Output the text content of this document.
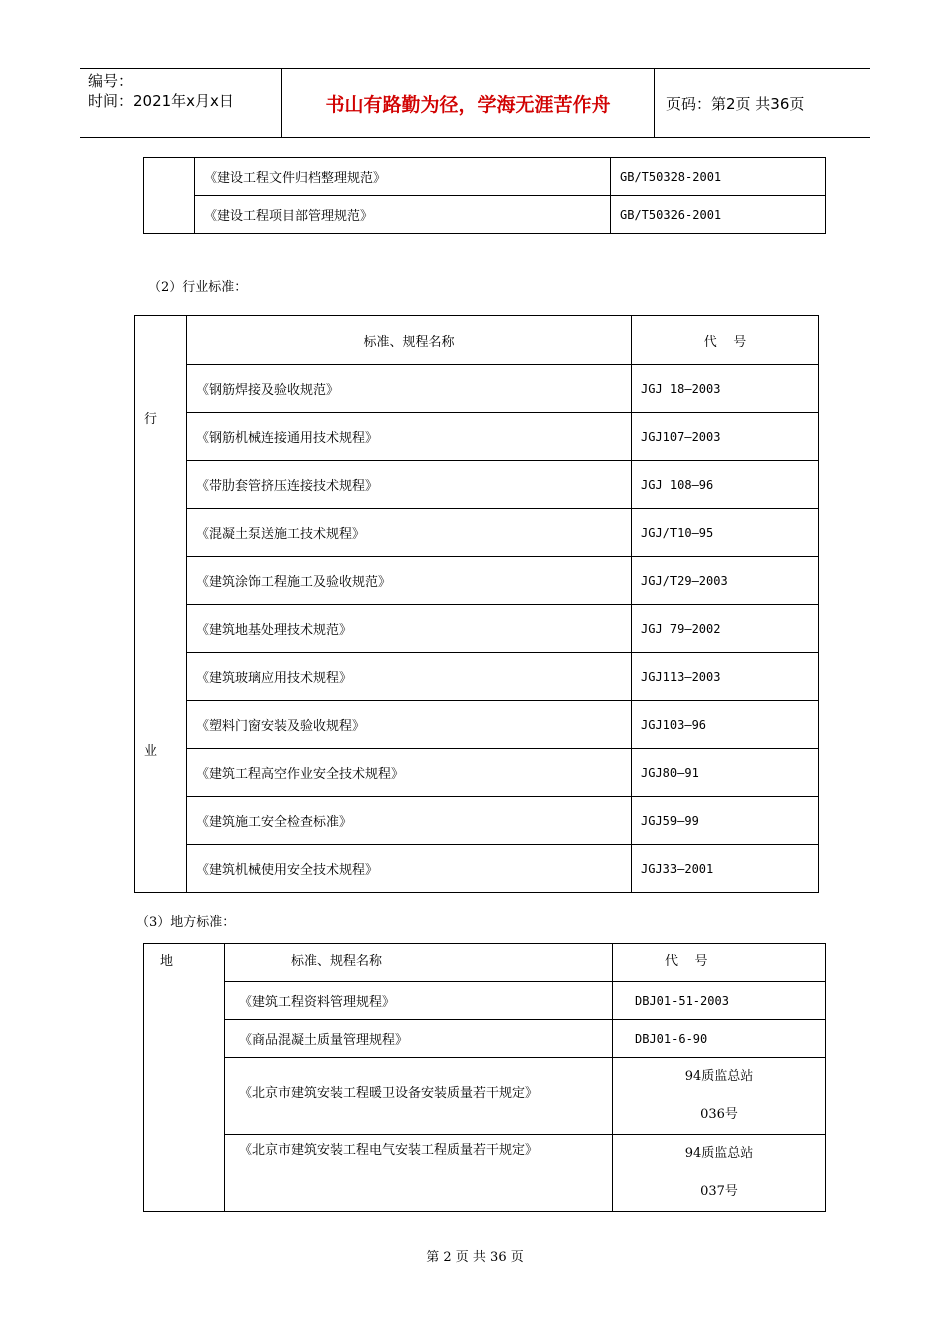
编号：
时间：2021年x月x日	书山有路勤为径，学海无涯苦作舟	页码：第2页 共36页
	《建设工程文件归档整理规范》	GB/T50328-2001
	《建设工程项目部管理规范》	GB/T50326-2001
（2）行业标准：
行
业	标准、规程名称	代    号
	《钢筋焊接及验收规范》	JGJ 18—2003
	《钢筋机械连接通用技术规程》	JGJ107—2003
	《带肋套管挤压连接技术规程》	JGJ 108—96
	《混凝土泵送施工技术规程》	JGJ/T10—95
	《建筑涂饰工程施工及验收规范》	JGJ/T29—2003
	《建筑地基处理技术规范》	JGJ 79—2002
	《建筑玻璃应用技术规程》	JGJ113—2003
	《塑料门窗安装及验收规程》	JGJ103—96
	《建筑工程高空作业安全技术规程》	JGJ80—91
	《建筑施工安全检查标准》	JGJ59—99
	《建筑机械使用安全技术规程》	JGJ33—2001
（3）地方标准：
地	标准、规程名称	代    号
	《建筑工程资料管理规程》	DBJ01-51-2003
	《商品混凝土质量管理规程》	DBJ01-6-90
	《北京市建筑安装工程暖卫设备安装质量若干规定》	94质监总站
036号

	《北京市建筑安装工程电气安装工程质量若干规定》	94质监总站
037号
第 2 页 共 36 页
